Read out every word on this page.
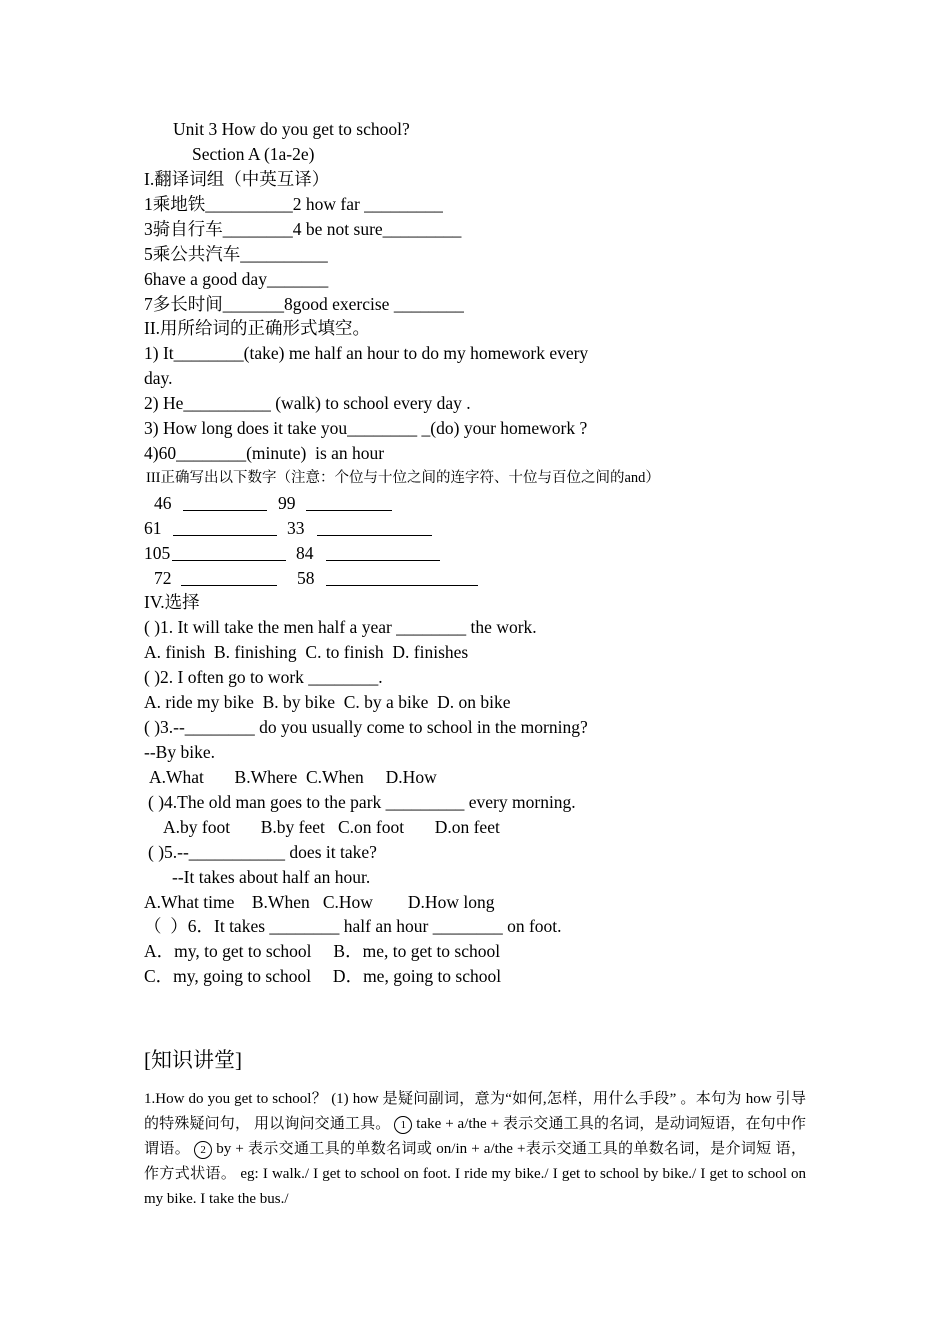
Unit 3 How do you get to school?
Section A (1a-2e)
I.翻译词组（中英互译）
1乘地铁__________2 how far _________
3骑自行车________4 be not sure_________
5乘公共汽车__________
6have a good day_______
7多长时间_______8good exercise ________
II.用所给词的正确形式填空。
1) It________(take) me half an hour to do my homework every
day.
2) He__________ (walk) to school every day .
3) How long does it take you________ _(do) your homework ?
4)60________(minute)  is an hour
III正确写出以下数字（注意：个位与十位之间的连字符、十位与百位之间的and）
46	99
61	33
105	84
72	58
IV.选择
( )1. It will take the men half a year ________ the work.
A. finish  B. finishing  C. to finish  D. finishes
( )2. I often go to work ________.
A. ride my bike  B. by bike  C. by a bike  D. on bike
( )3.--________ do you usually come to school in the morning?
--By bike.
A.What       B.Where  C.When     D.How
( )4.The old man goes to the park _________ every morning.
A.by foot       B.by feet   C.on foot       D.on feet
( )5.--___________ does it take?
--It takes about half an hour.
A.What time    B.When   C.How        D.How long
（  ）6．It takes ________ half an hour ________ on foot.
A．my, to get to school     B．me, to get to school
C．my, going to school     D．me, going to school
[知识讲堂]
1.How do you get to school？ (1) how 是疑问副词，意为“如何,怎样，用什么手段” 。本句为 how 引导的特殊疑问句， 用以询问交通工具。 1 take + a/the + 表示交通工具的名词，是动词短语，在句中作谓语。 2 by + 表示交通工具的单数名词或 on/in + a/the +表示交通工具的单数名词，是介词短 语，作方式状语。 eg: I walk./ I get to school on foot. I ride my bike./ I get to school by bike./ I get to school on my bike. I take the bus./
